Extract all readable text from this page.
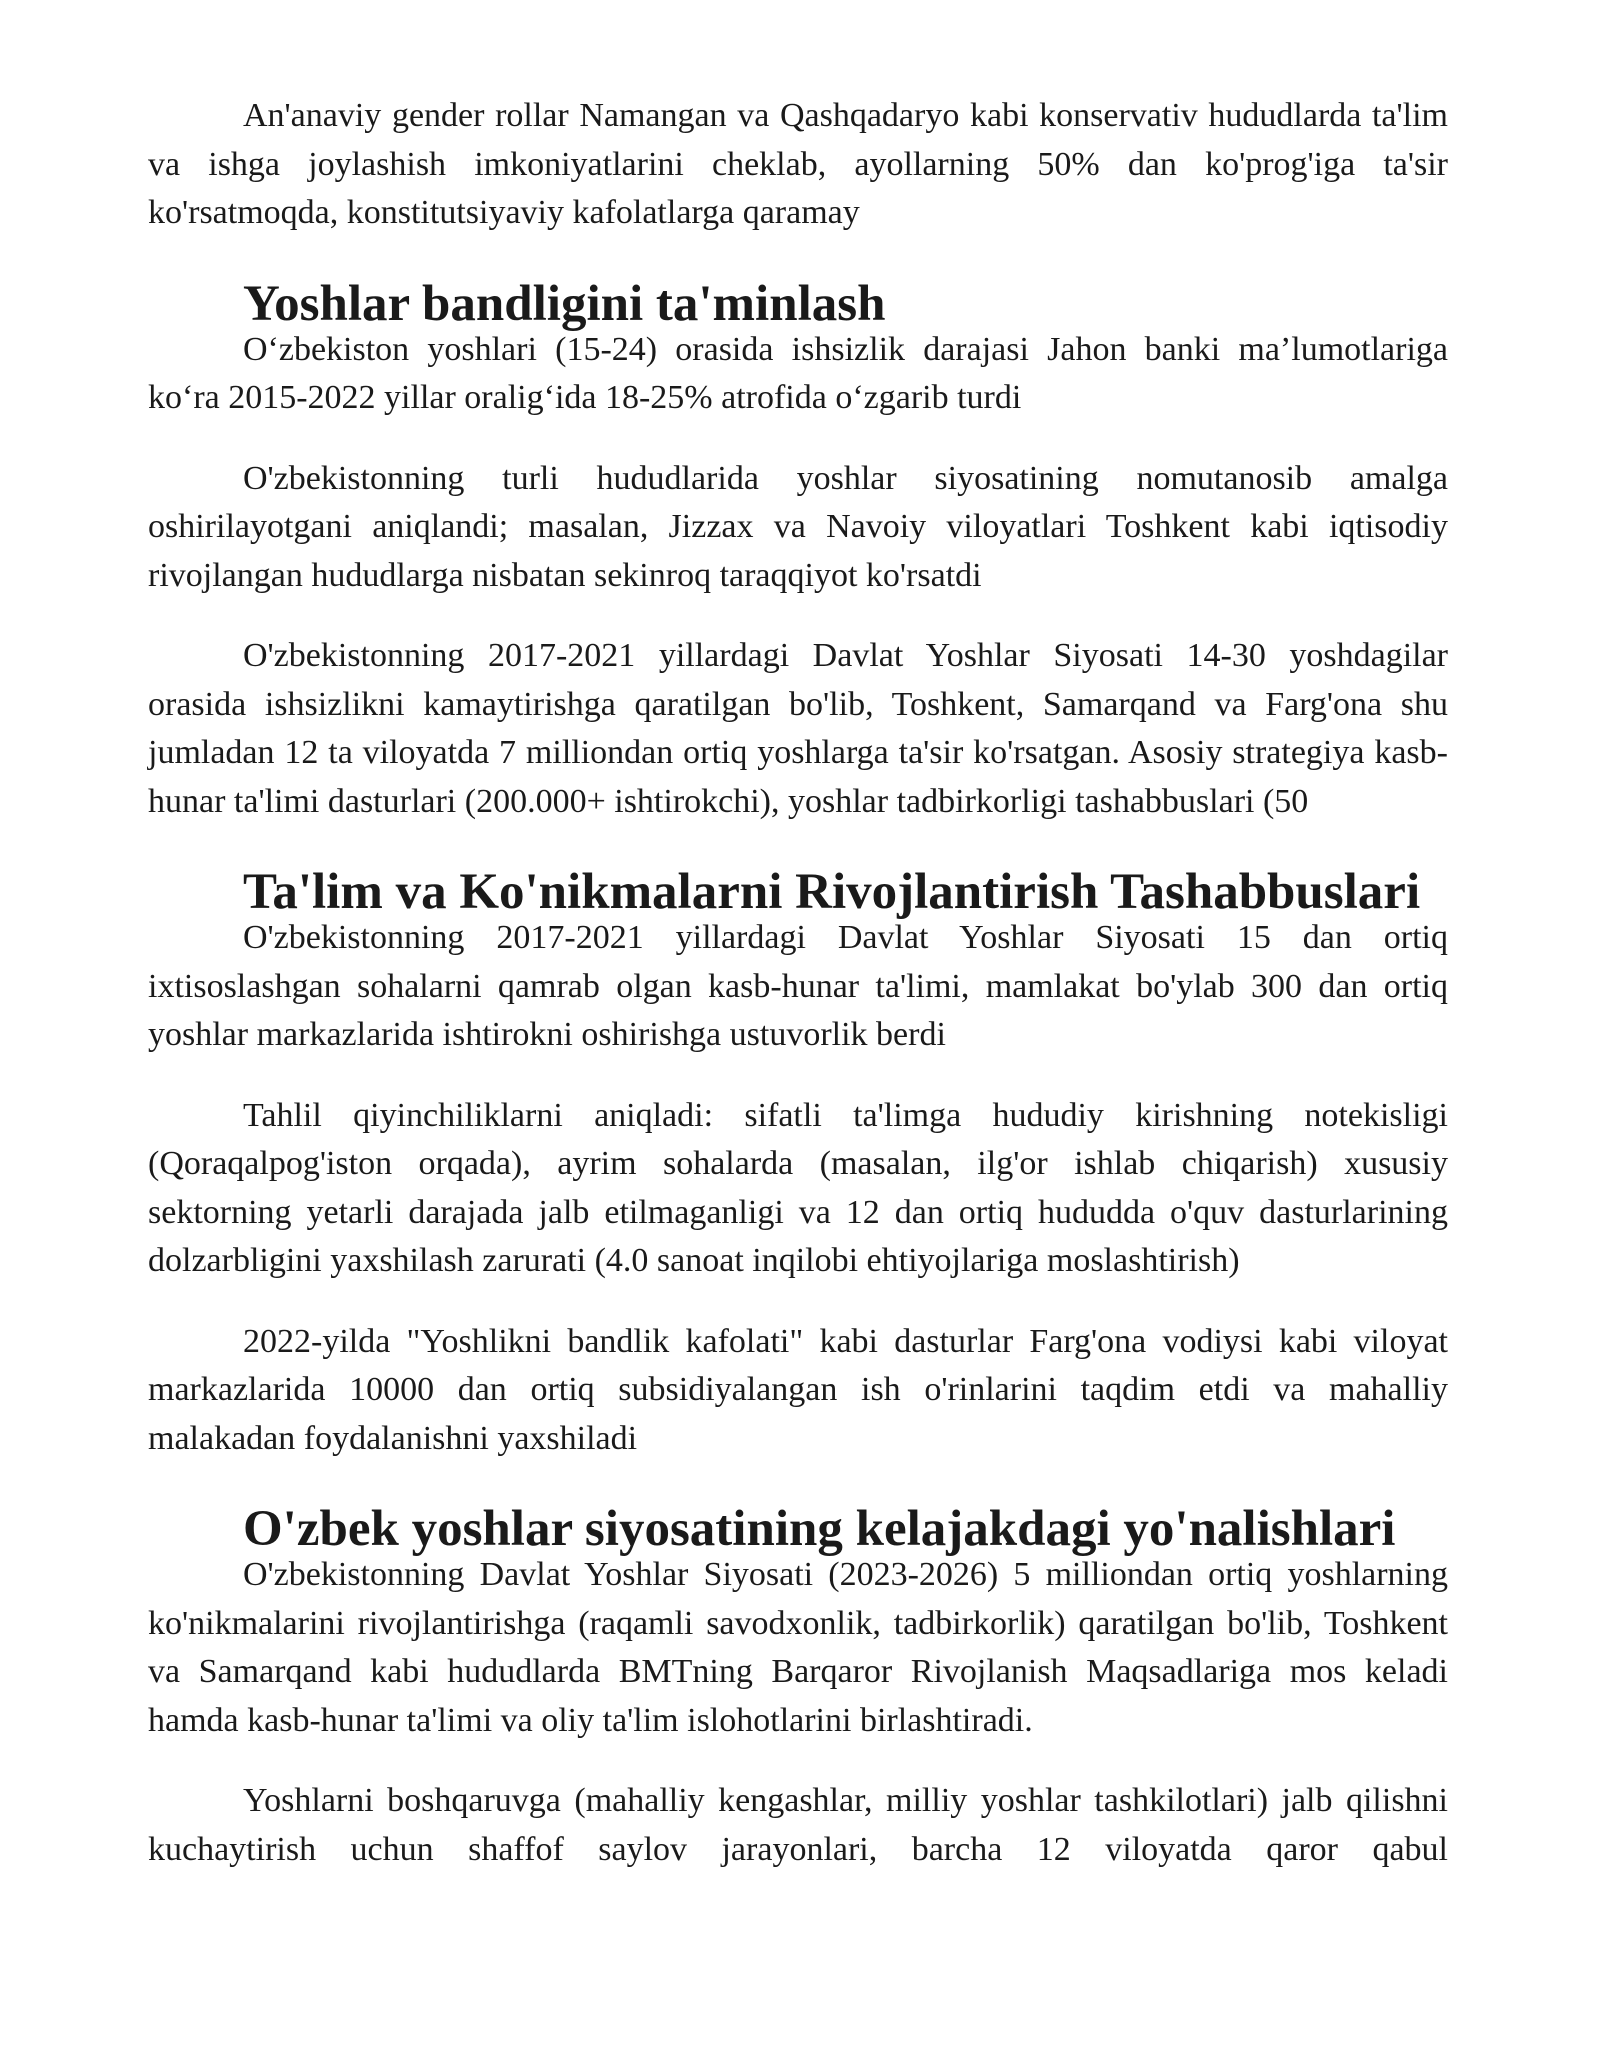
An'anaviy gender rollar Namangan va Qashqadaryo kabi konservativ hududlarda ta'lim va ishga joylashish imkoniyatlarini cheklab, ayollarning 50% dan ko'prog'iga ta'sir ko'rsatmoqda, konstitutsiyaviy kafolatlarga qaramay

Yoshlar bandligini ta'minlash

O‘zbekiston yoshlari (15-24) orasida ishsizlik darajasi Jahon banki ma’lumotlariga ko‘ra 2015-2022 yillar oralig‘ida 18-25% atrofida o‘zgarib turdi

O'zbekistonning turli hududlarida yoshlar siyosatining nomutanosib amalga oshirilayotgani aniqlandi; masalan, Jizzax va Navoiy viloyatlari Toshkent kabi iqtisodiy rivojlangan hududlarga nisbatan sekinroq taraqqiyot ko'rsatdi

O'zbekistonning 2017-2021 yillardagi Davlat Yoshlar Siyosati 14-30 yoshdagilar orasida ishsizlikni kamaytirishga qaratilgan bo'lib, Toshkent, Samarqand va Farg'ona shu jumladan 12 ta viloyatda 7 milliondan ortiq yoshlarga ta'sir ko'rsatgan. Asosiy strategiya kasb-hunar ta'limi dasturlari (200.000+ ishtirokchi), yoshlar tadbirkorligi tashabbuslari (50

Ta'lim va Ko'nikmalarni Rivojlantirish Tashabbuslari

O'zbekistonning 2017-2021 yillardagi Davlat Yoshlar Siyosati 15 dan ortiq ixtisoslashgan sohalarni qamrab olgan kasb-hunar ta'limi, mamlakat bo'ylab 300 dan ortiq yoshlar markazlarida ishtirokni oshirishga ustuvorlik berdi

Tahlil qiyinchiliklarni aniqladi: sifatli ta'limga hududiy kirishning notekisligi (Qoraqalpog'iston orqada), ayrim sohalarda (masalan, ilg'or ishlab chiqarish) xususiy sektorning yetarli darajada jalb etilmaganligi va 12 dan ortiq hududda o'quv dasturlarining dolzarbligini yaxshilash zarurati (4.0 sanoat inqilobi ehtiyojlariga moslashtirish)

2022-yilda "Yoshlikni bandlik kafolati" kabi dasturlar Farg'ona vodiysi kabi viloyat markazlarida 10000 dan ortiq subsidiyalangan ish o'rinlarini taqdim etdi va mahalliy malakadan foydalanishni yaxshiladi

O'zbek yoshlar siyosatining kelajakdagi yo'nalishlari

O'zbekistonning Davlat Yoshlar Siyosati (2023-2026) 5 milliondan ortiq yoshlarning ko'nikmalarini rivojlantirishga (raqamli savodxonlik, tadbirkorlik) qaratilgan bo'lib, Toshkent va Samarqand kabi hududlarda BMTning Barqaror Rivojlanish Maqsadlariga mos keladi hamda kasb-hunar ta'limi va oliy ta'lim islohotlarini birlashtiradi.

Yoshlarni boshqaruvga (mahalliy kengashlar, milliy yoshlar tashkilotlari) jalb qilishni kuchaytirish uchun shaffof saylov jarayonlari, barcha 12 viloyatda qaror qabul
